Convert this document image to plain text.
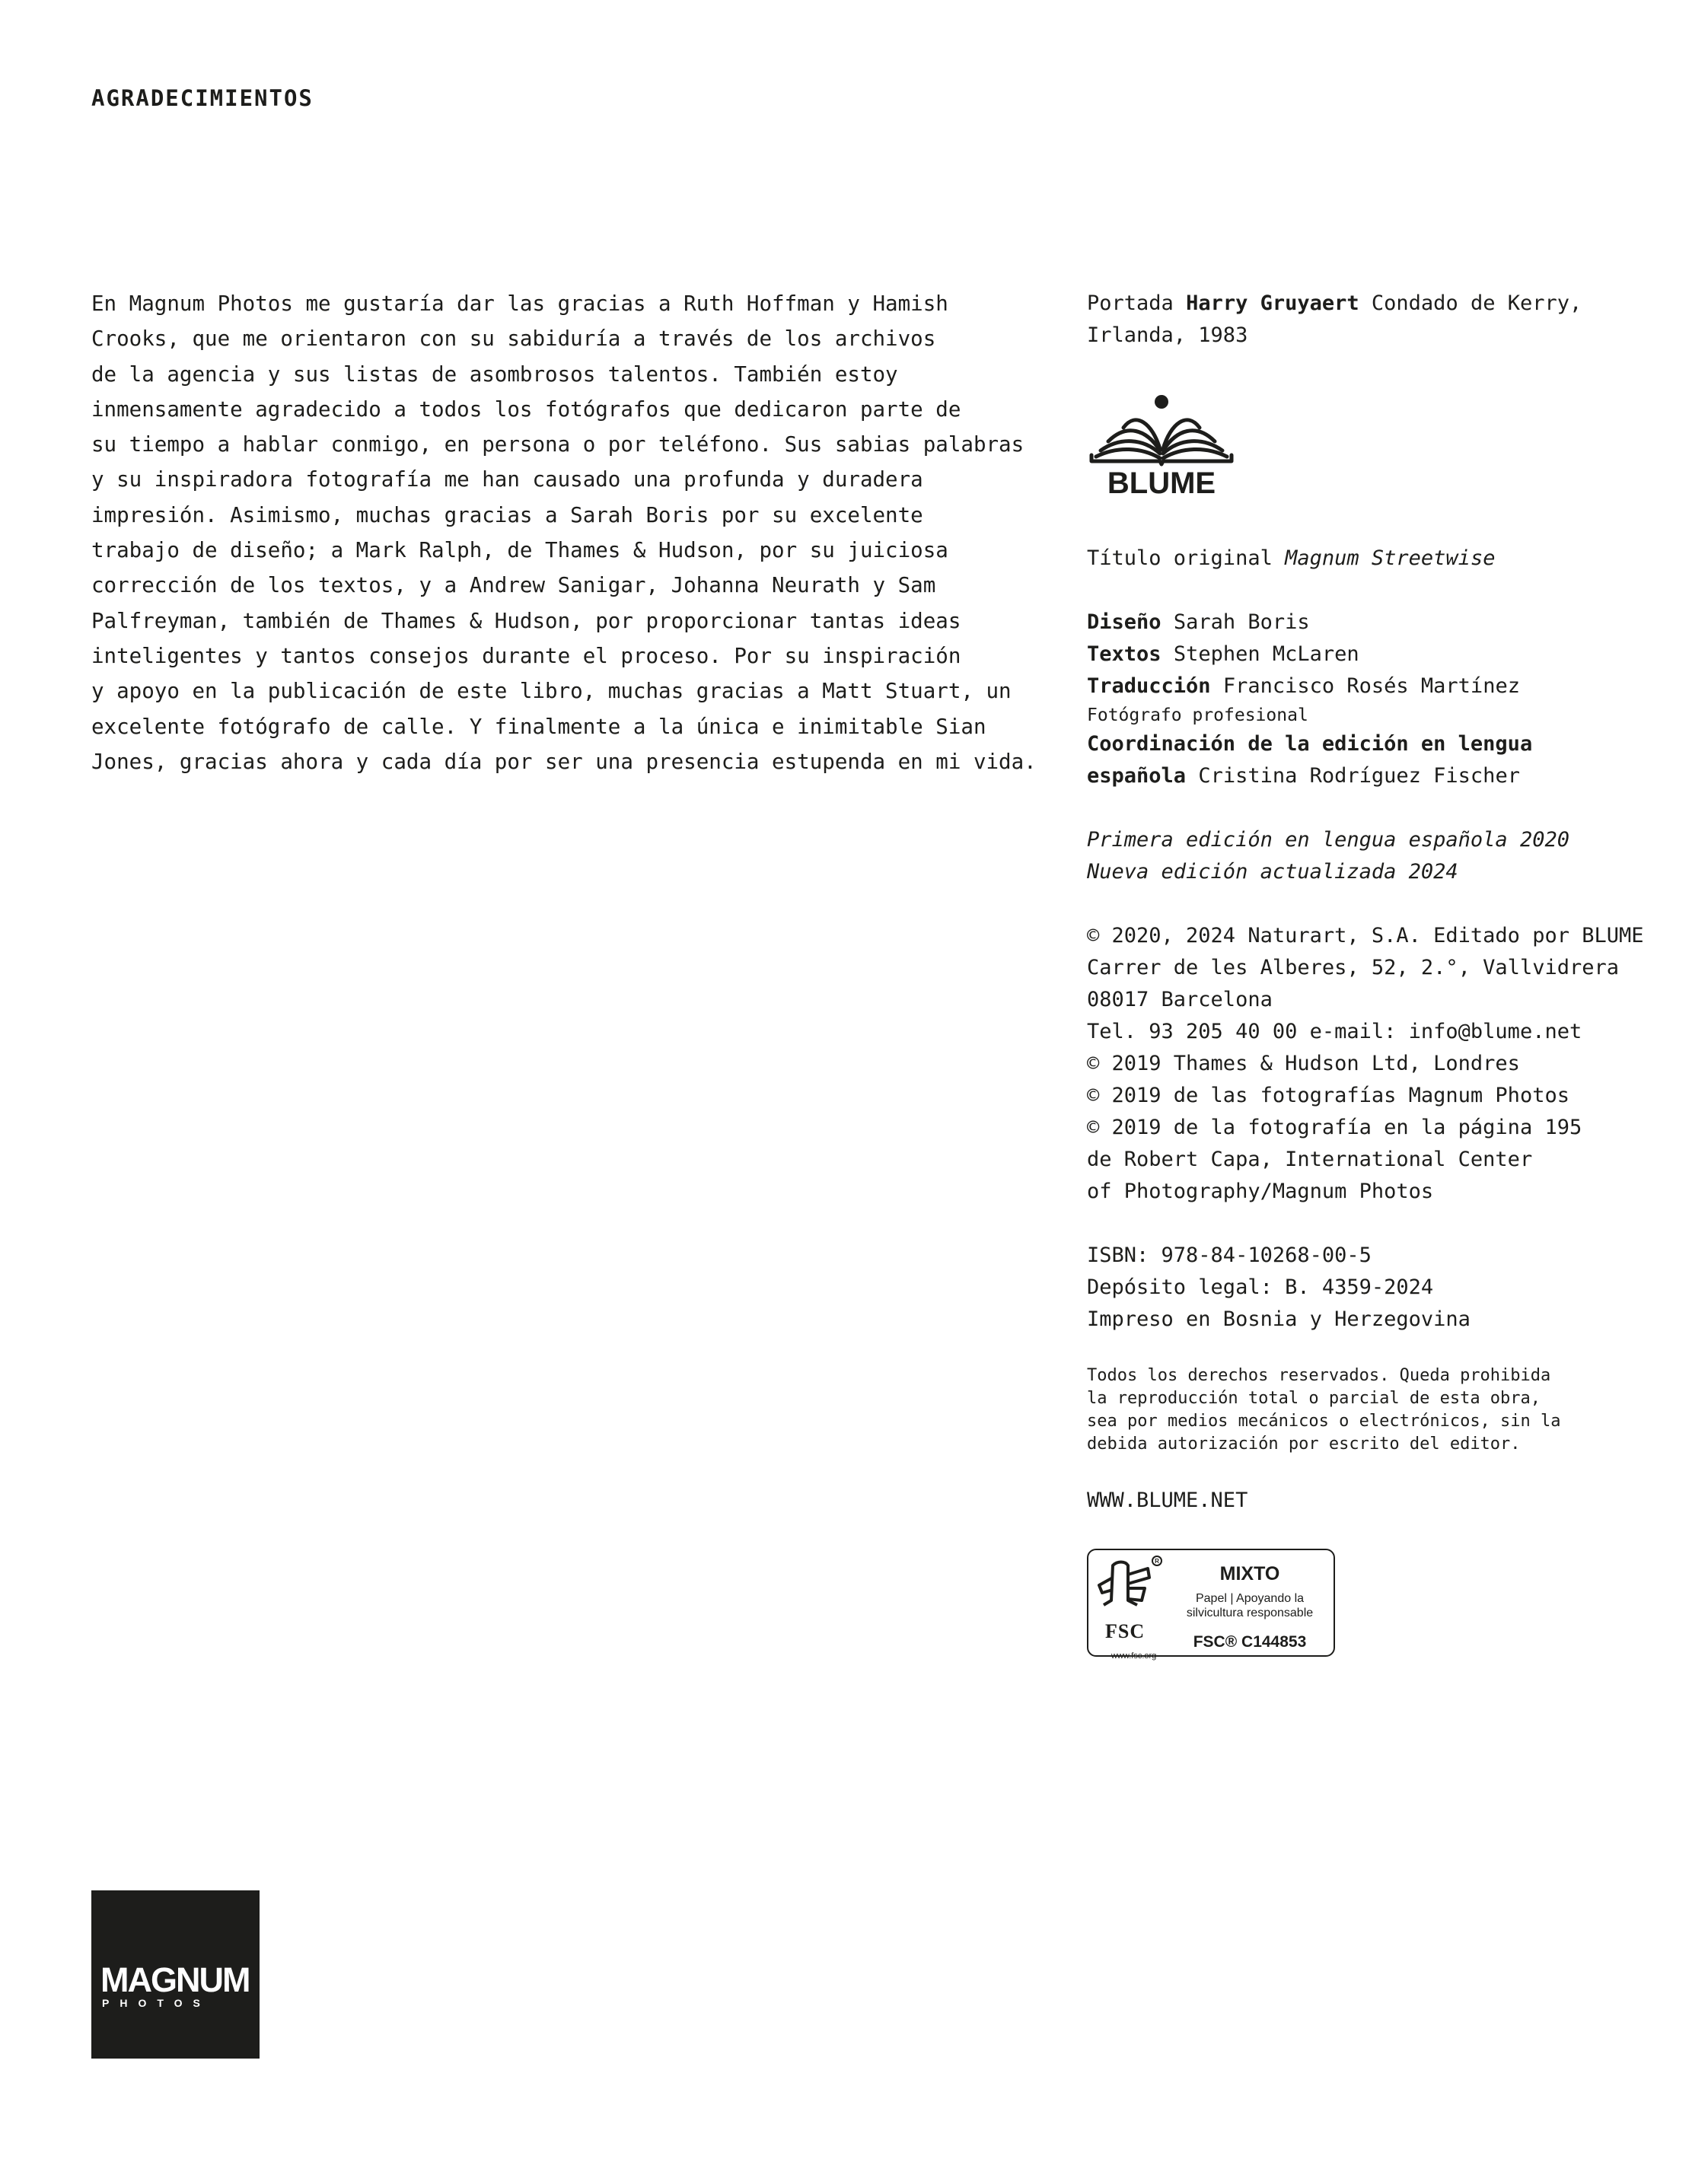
AGRADECIMIENTOS

En Magnum Photos me gustaría dar las gracias a Ruth Hoffman y Hamish
Crooks, que me orientaron con su sabiduría a través de los archivos
de la agencia y sus listas de asombrosos talentos. También estoy
inmensamente agradecido a todos los fotógrafos que dedicaron parte de
su tiempo a hablar conmigo, en persona o por teléfono. Sus sabias palabras
y su inspiradora fotografía me han causado una profunda y duradera
impresión. Asimismo, muchas gracias a Sarah Boris por su excelente
trabajo de diseño; a Mark Ralph, de Thames & Hudson, por su juiciosa
corrección de los textos, y a Andrew Sanigar, Johanna Neurath y Sam
Palfreyman, también de Thames & Hudson, por proporcionar tantas ideas
inteligentes y tantos consejos durante el proceso. Por su inspiración
y apoyo en la publicación de este libro, muchas gracias a Matt Stuart, un
excelente fotógrafo de calle. Y finalmente a la única e inimitable Sian
Jones, gracias ahora y cada día por ser una presencia estupenda en mi vida.

Portada Harry Gruyaert Condado de Kerry,
Irlanda, 1983
BLUME
Título original Magnum Streetwise
Diseño Sarah Boris
Textos Stephen McLaren
Traducción Francisco Rosés Martínez
Fotógrafo profesional
Coordinación de la edición en lengua
española Cristina Rodríguez Fischer
Primera edición en lengua española 2020
Nueva edición actualizada 2024
© 2020, 2024 Naturart, S.A. Editado por BLUME
Carrer de les Alberes, 52, 2.°, Vallvidrera
08017 Barcelona
Tel. 93 205 40 00 e-mail: info@blume.net
© 2019 Thames & Hudson Ltd, Londres
© 2019 de las fotografías Magnum Photos
© 2019 de la fotografía en la página 195
de Robert Capa, International Center
of Photography/Magnum Photos
ISBN: 978-84-10268-00-5
Depósito legal: B. 4359-2024
Impreso en Bosnia y Herzegovina
Todos los derechos reservados. Queda prohibida
la reproducción total o parcial de esta obra,
sea por medios mecánicos o electrónicos, sin la
debida autorización por escrito del editor.
WWW.BLUME.NET
R
FSC
www.fsc.org
MIXTO
Papel | Apoyando la
silvicultura responsable
FSC® C144853
MAGNUM
PHOTOS
